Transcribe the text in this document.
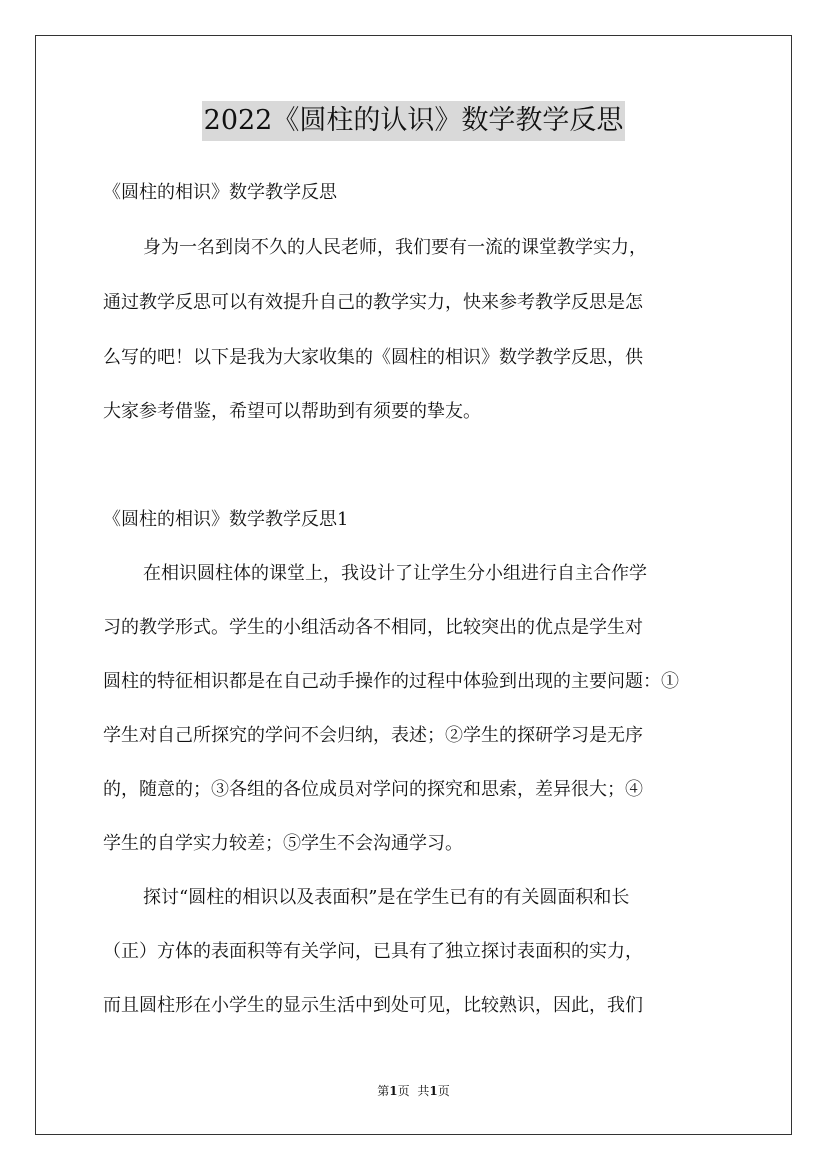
2022《圆柱的认识》数学教学反思
《圆柱的相识》数学教学反思
身为一名到岗不久的人民老师，我们要有一流的课堂教学实力，
通过教学反思可以有效提升自己的教学实力，快来参考教学反思是怎
么写的吧！以下是我为大家收集的《圆柱的相识》数学教学反思，供
大家参考借鉴，希望可以帮助到有须要的挚友。
《圆柱的相识》数学教学反思1
在相识圆柱体的课堂上，我设计了让学生分小组进行自主合作学
习的教学形式。学生的小组活动各不相同，比较突出的优点是学生对
圆柱的特征相识都是在自己动手操作的过程中体验到出现的主要问题：①
学生对自己所探究的学问不会归纳，表述；②学生的探研学习是无序
的，随意的；③各组的各位成员对学问的探究和思索，差异很大；④
学生的自学实力较差；⑤学生不会沟通学习。
探讨“圆柱的相识以及表面积”是在学生已有的有关圆面积和长
（正）方体的表面积等有关学问，已具有了独立探讨表面积的实力，
而且圆柱形在小学生的显示生活中到处可见，比较熟识，因此，我们
第1页 共1页
